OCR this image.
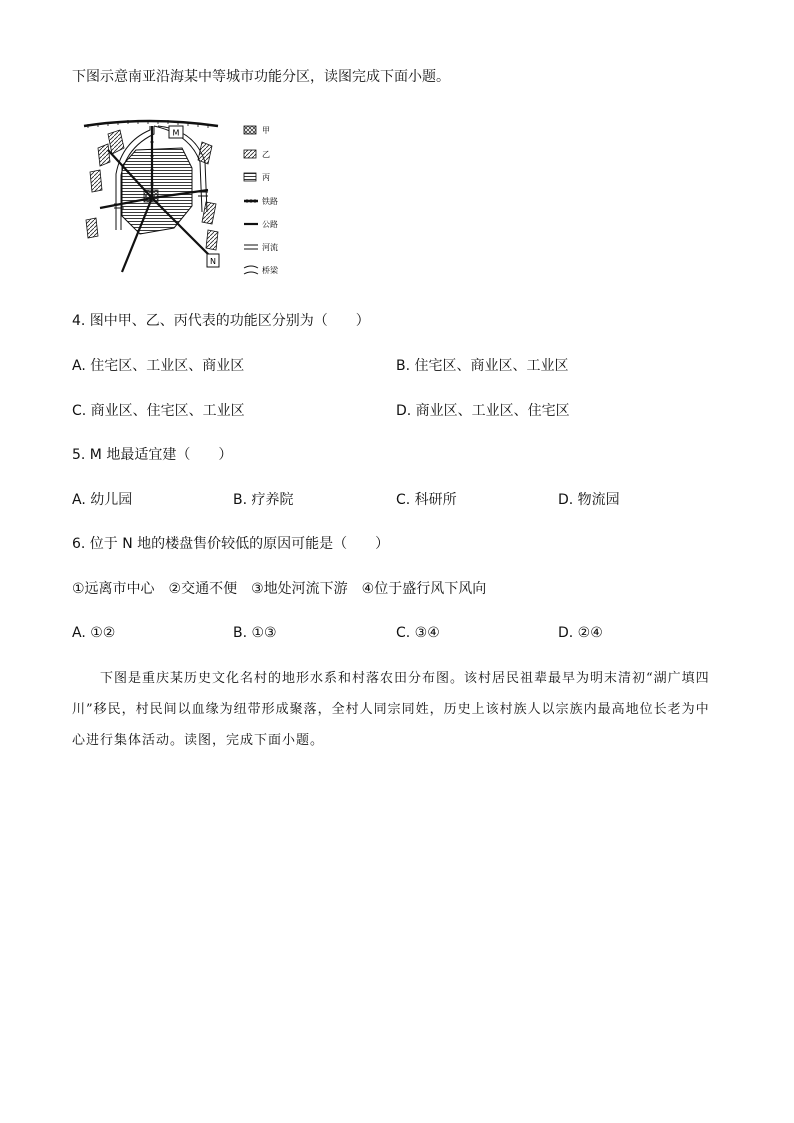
下图示意南亚沿海某中等城市功能分区，读图完成下面小题。
M
N
甲
乙
丙
铁路
公路
河流
桥梁
4. 图中甲、乙、丙代表的功能区分别为（　　）
A. 住宅区、工业区、商业区	B. 住宅区、商业区、工业区
C. 商业区、住宅区、工业区	D. 商业区、工业区、住宅区
5. M 地最适宜建（　　）
A. 幼儿园	B. 疗养院	C. 科研所	D. 物流园
6. 位于 N 地的楼盘售价较低的原因可能是（　　）
①远离市中心　②交通不便　③地处河流下游　④位于盛行风下风向
A. ①②	B. ①③	C. ③④	D. ②④
下图是重庆某历史文化名村的地形水系和村落农田分布图。该村居民祖辈最早为明末清初“湖广填四
川”移民，村民间以血缘为纽带形成聚落，全村人同宗同姓，历史上该村族人以宗族内最高地位长老为中
心进行集体活动。读图，完成下面小题。
